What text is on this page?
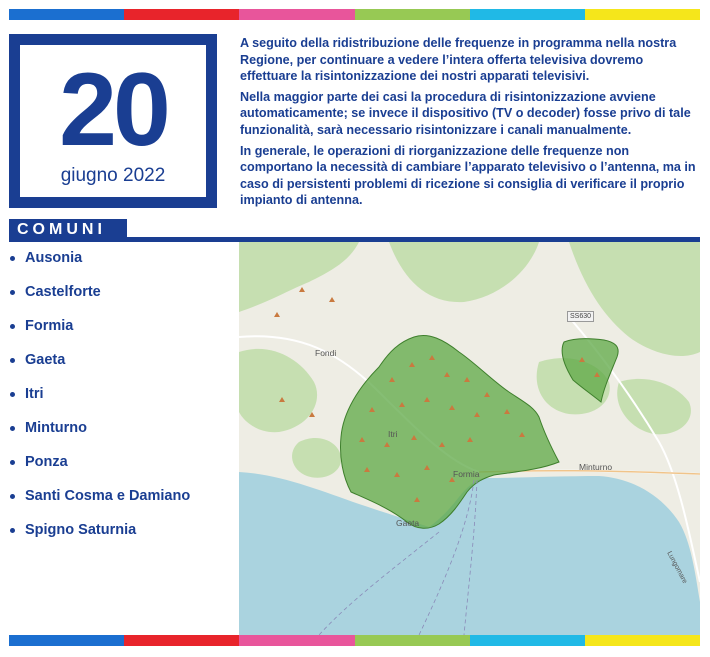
20
giugno 2022

A seguito della ridistribuzione delle frequenze in programma nella nostra Regione, per continuare a vedere l’intera offerta televisiva dovremo effettuare la risintonizzazione dei nostri apparati televisivi.

Nella maggior parte dei casi la procedura di risintonizzazione avviene automaticamente; se invece il dispositivo (TV o decoder) fosse privo di tale funzionalità, sarà necessario risintonizzare i canali manualmente.

In generale, le operazioni di riorganizzazione delle frequenze non comportano la necessità di cambiare l’apparato televisivo o l’antenna, ma in caso di persistenti problemi di ricezione si consiglia di verificare il proprio impianto di antenna.

COMUNI
Ausonia
Castelforte
Formia
Gaeta
Itri
Minturno
Ponza
Santi Cosma e Damiano
Spigno Saturnia
Fondi
Itri
Formia
Gaeta
Minturno
SS630
Lungomare
